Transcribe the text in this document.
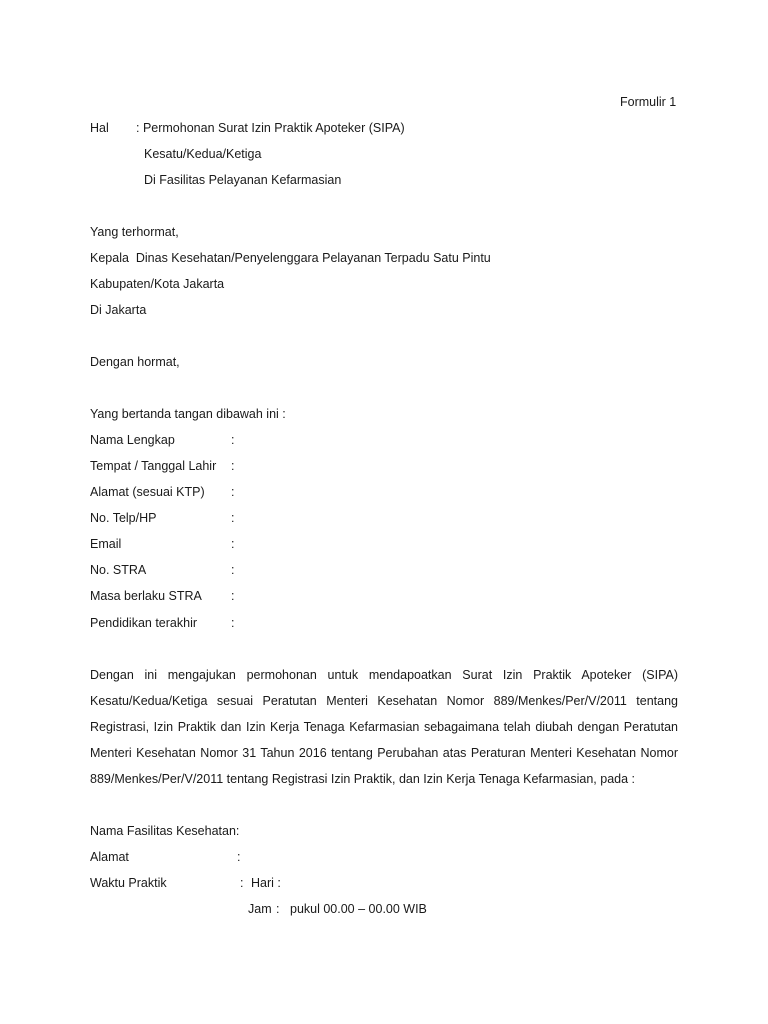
Formulir 1
Hal : Permohonan Surat Izin Praktik Apoteker (SIPA)
Kesatu/Kedua/Ketiga
Di Fasilitas Pelayanan Kefarmasian
Yang terhormat,
Kepala  Dinas Kesehatan/Penyelenggara Pelayanan Terpadu Satu Pintu
Kabupaten/Kota Jakarta
Di Jakarta
Dengan hormat,
Yang bertanda tangan dibawah ini :
Nama Lengkap	:
Tempat / Tanggal Lahir :
Alamat (sesuai KTP) :
No. Telp/HP	:
Email	:
No. STRA	:
Masa berlaku STRA :
Pendidikan terakhir	:
Dengan ini mengajukan permohonan untuk mendapoatkan Surat Izin Praktik Apoteker (SIPA)
Kesatu/Kedua/Ketiga sesuai Peratutan Menteri Kesehatan Nomor 889/Menkes/Per/V/2011 tentang
Registrasi, Izin Praktik dan Izin Kerja Tenaga Kefarmasian sebagaimana telah diubah dengan Peratutan
Menteri Kesehatan Nomor 31 Tahun 2016 tentang Perubahan atas Peraturan Menteri Kesehatan Nomor
889/Menkes/Per/V/2011 tentang Registrasi Izin Praktik, dan Izin Kerja Tenaga Kefarmasian, pada :
Nama Fasilitas Kesehatan:
Alamat	:
Waktu Praktik	: Hari :
Jam : pukul 00.00 – 00.00 WIB
